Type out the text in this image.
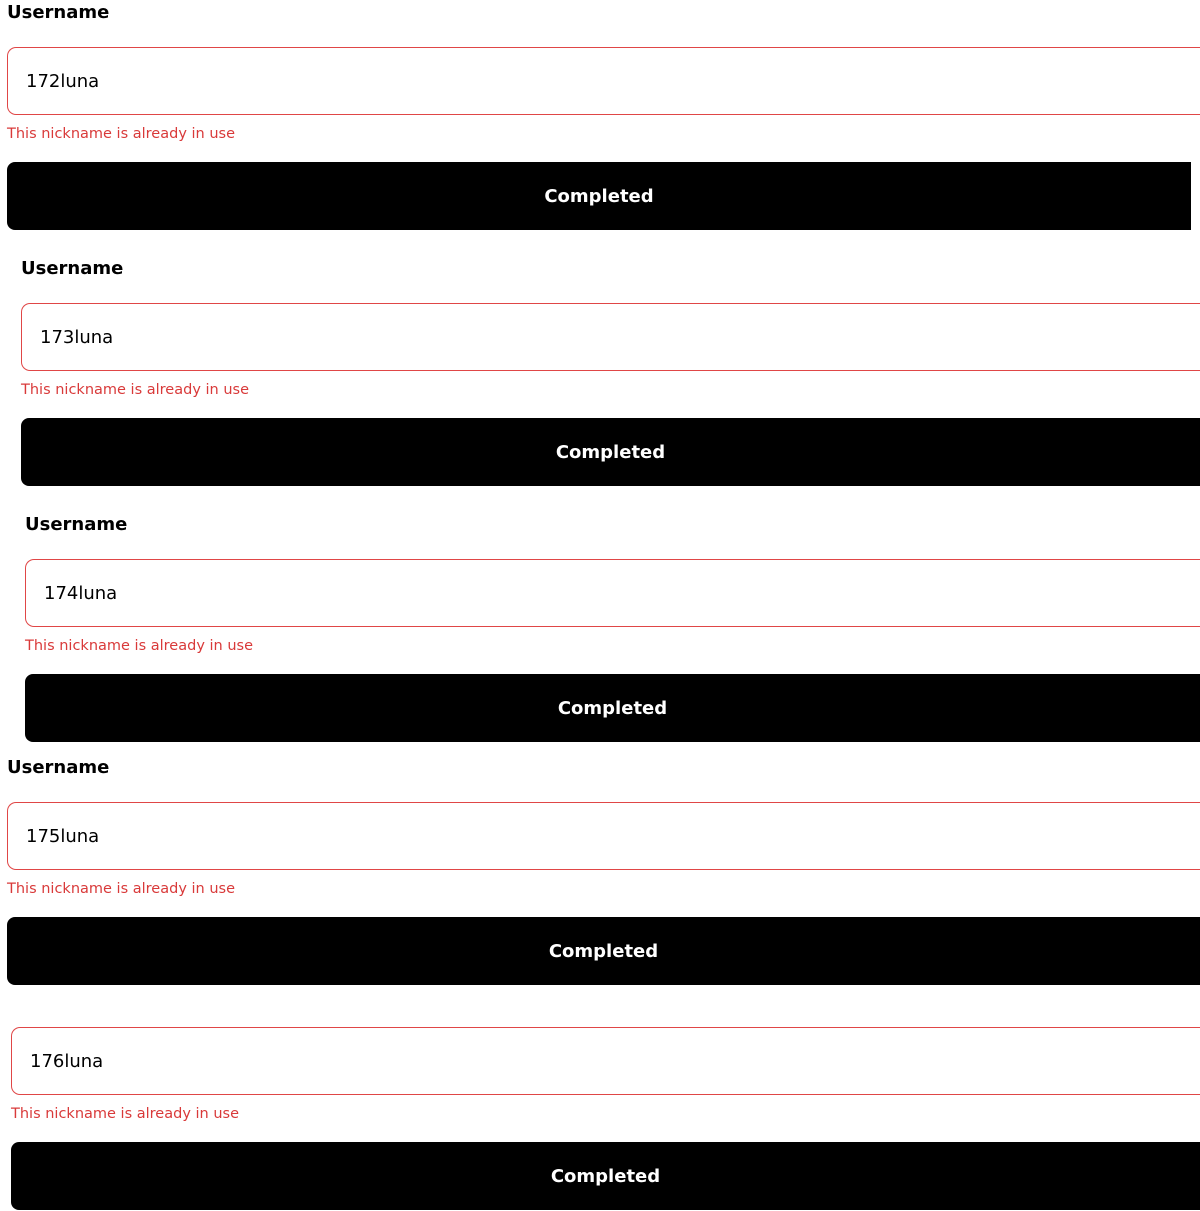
Username
172luna
This nickname is already in use
Completed
Username
173luna
This nickname is already in use
Completed
Username
174luna
This nickname is already in use
Completed
Username
175luna
This nickname is already in use
Completed
176luna
This nickname is already in use
Completed
